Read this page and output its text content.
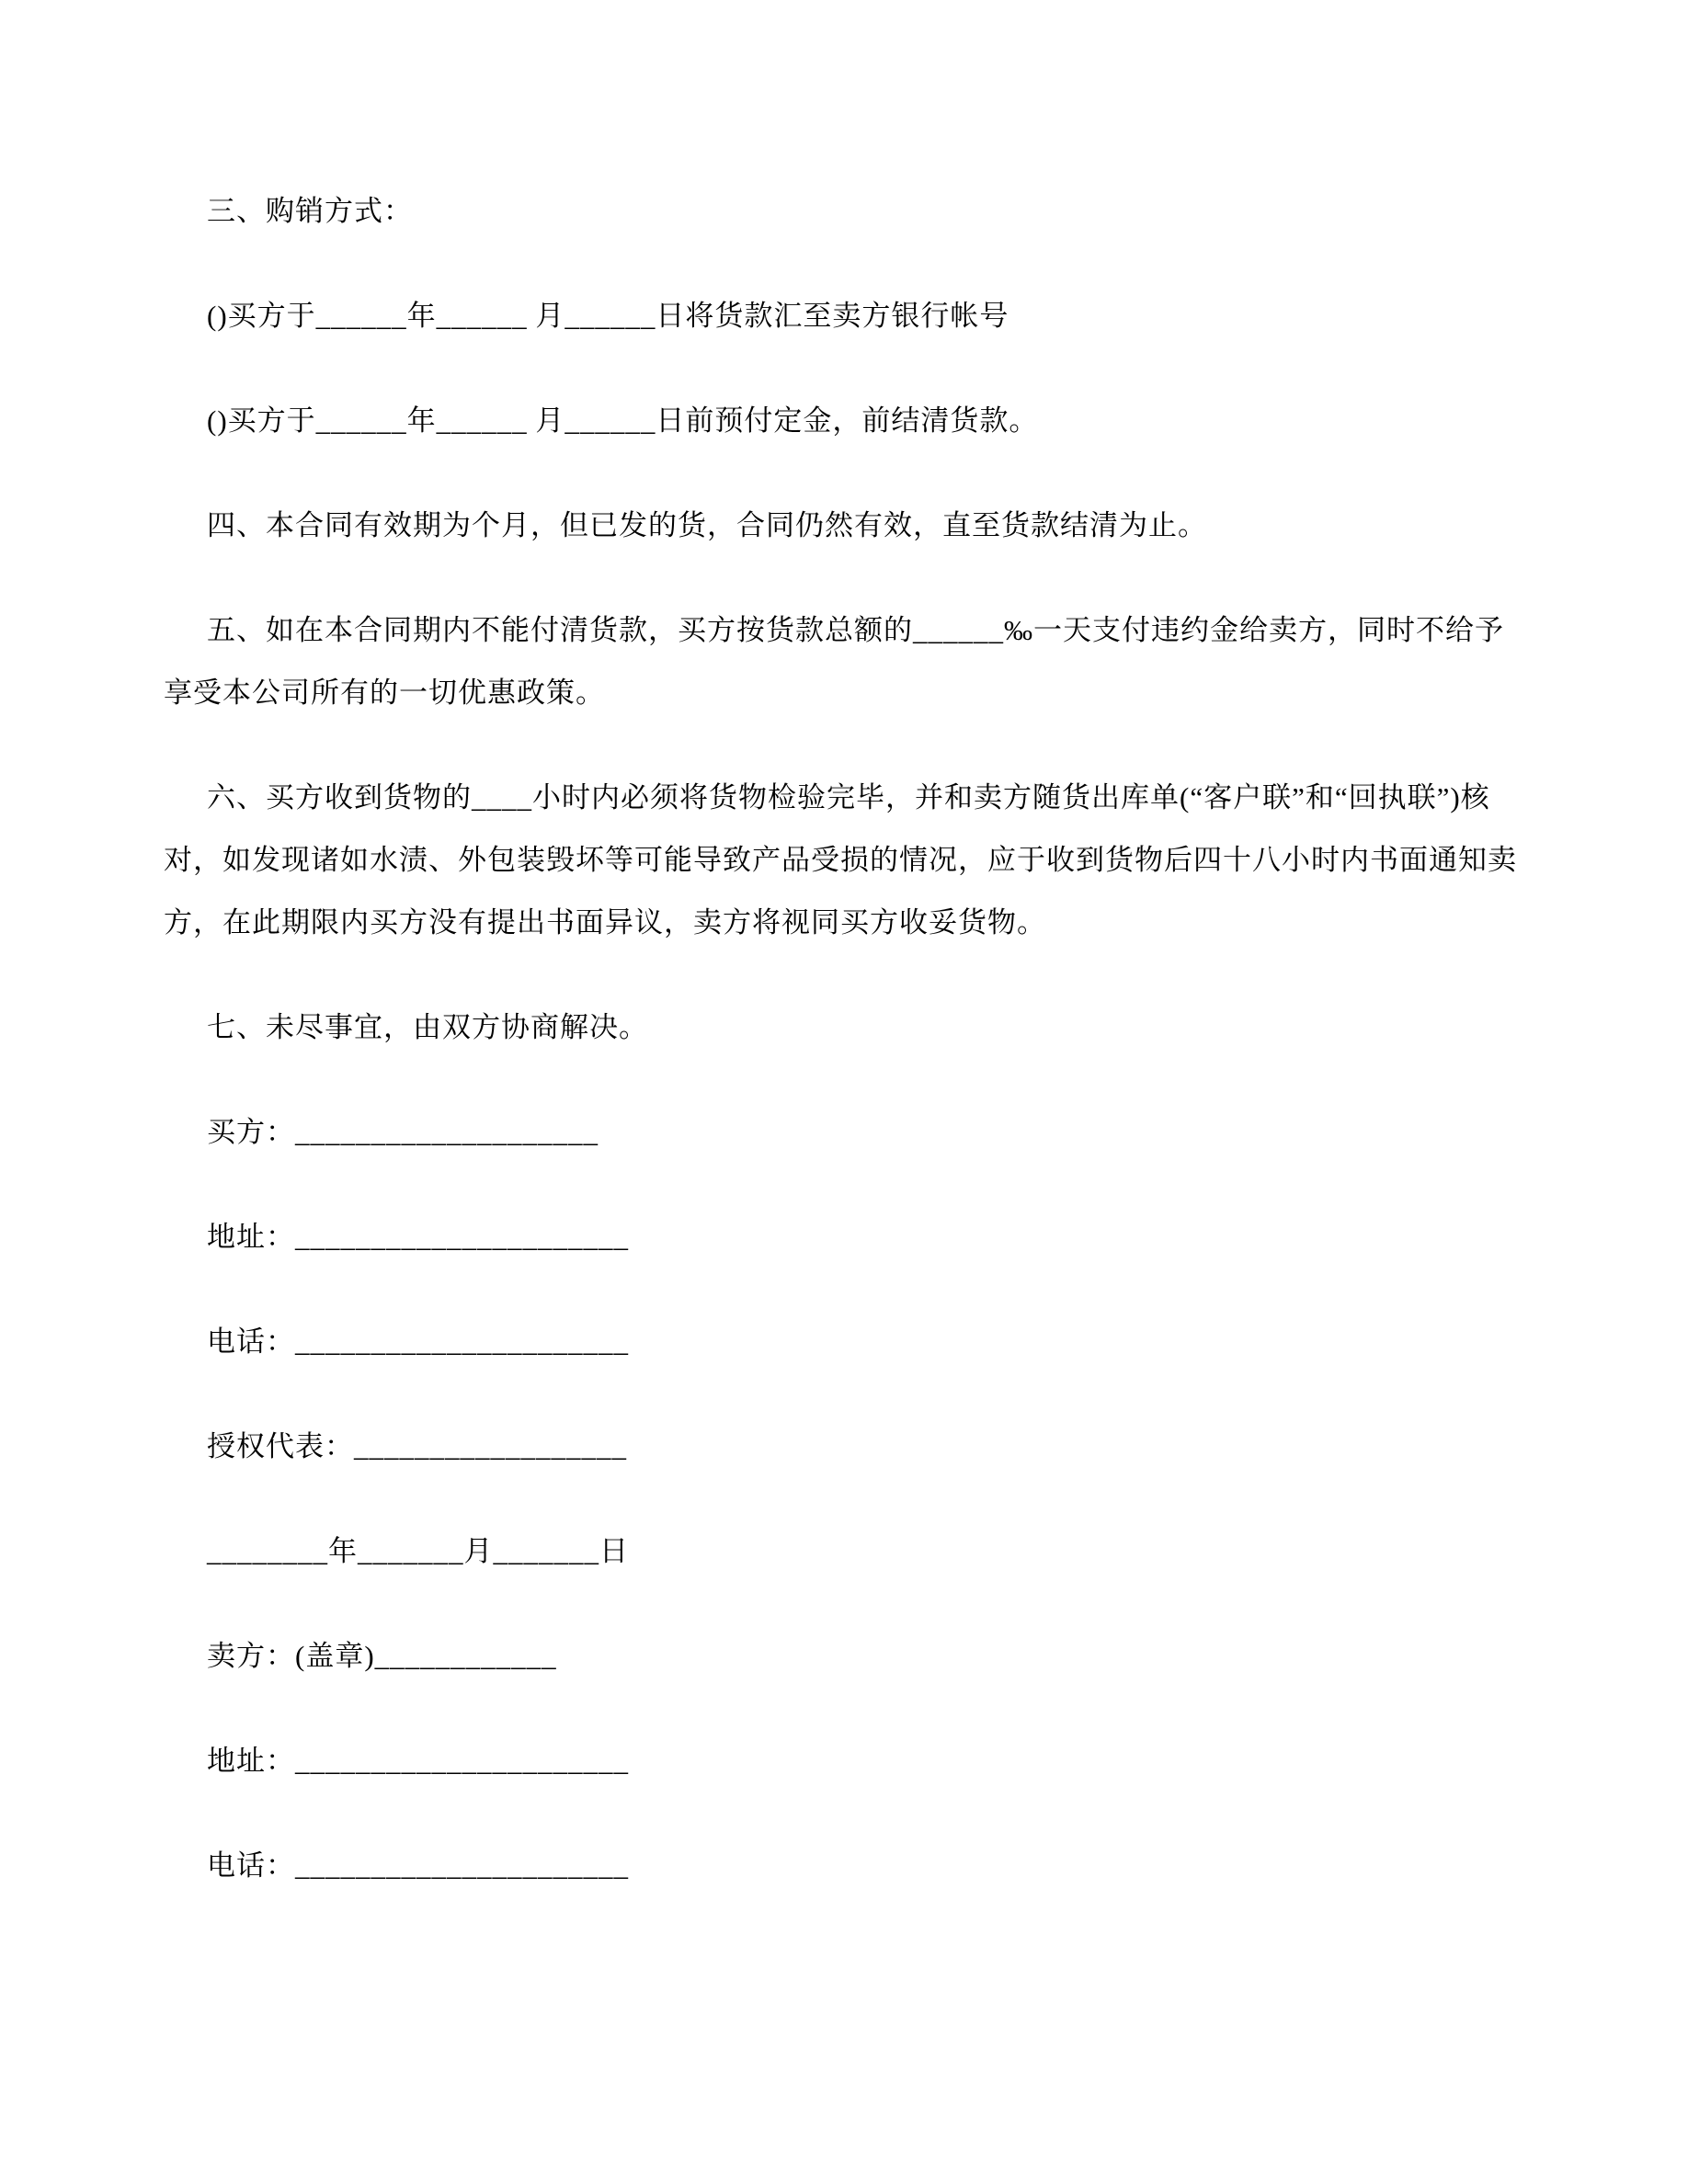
三、购销方式：

()买方于______年______ 月______日将货款汇至卖方银行帐号

()买方于______年______ 月______日前预付定金，前结清货款。

四、本合同有效期为个月，但已发的货，合同仍然有效，直至货款结清为止。

五、如在本合同期内不能付清货款，买方按货款总额的______‰一天支付违约金给卖方，同时不给予享受本公司所有的一切优惠政策。

六、买方收到货物的____小时内必须将货物检验完毕，并和卖方随货出库单(“客户联”和“回执联”)核对，如发现诸如水渍、外包装毁坏等可能导致产品受损的情况，应于收到货物后四十八小时内书面通知卖方，在此期限内买方没有提出书面异议，卖方将视同买方收妥货物。

七、未尽事宜，由双方协商解决。

买方：____________________

地址：______________________

电话：______________________

授权代表：__________________

________年_______月_______日

卖方：(盖章)____________

地址：______________________

电话：______________________
